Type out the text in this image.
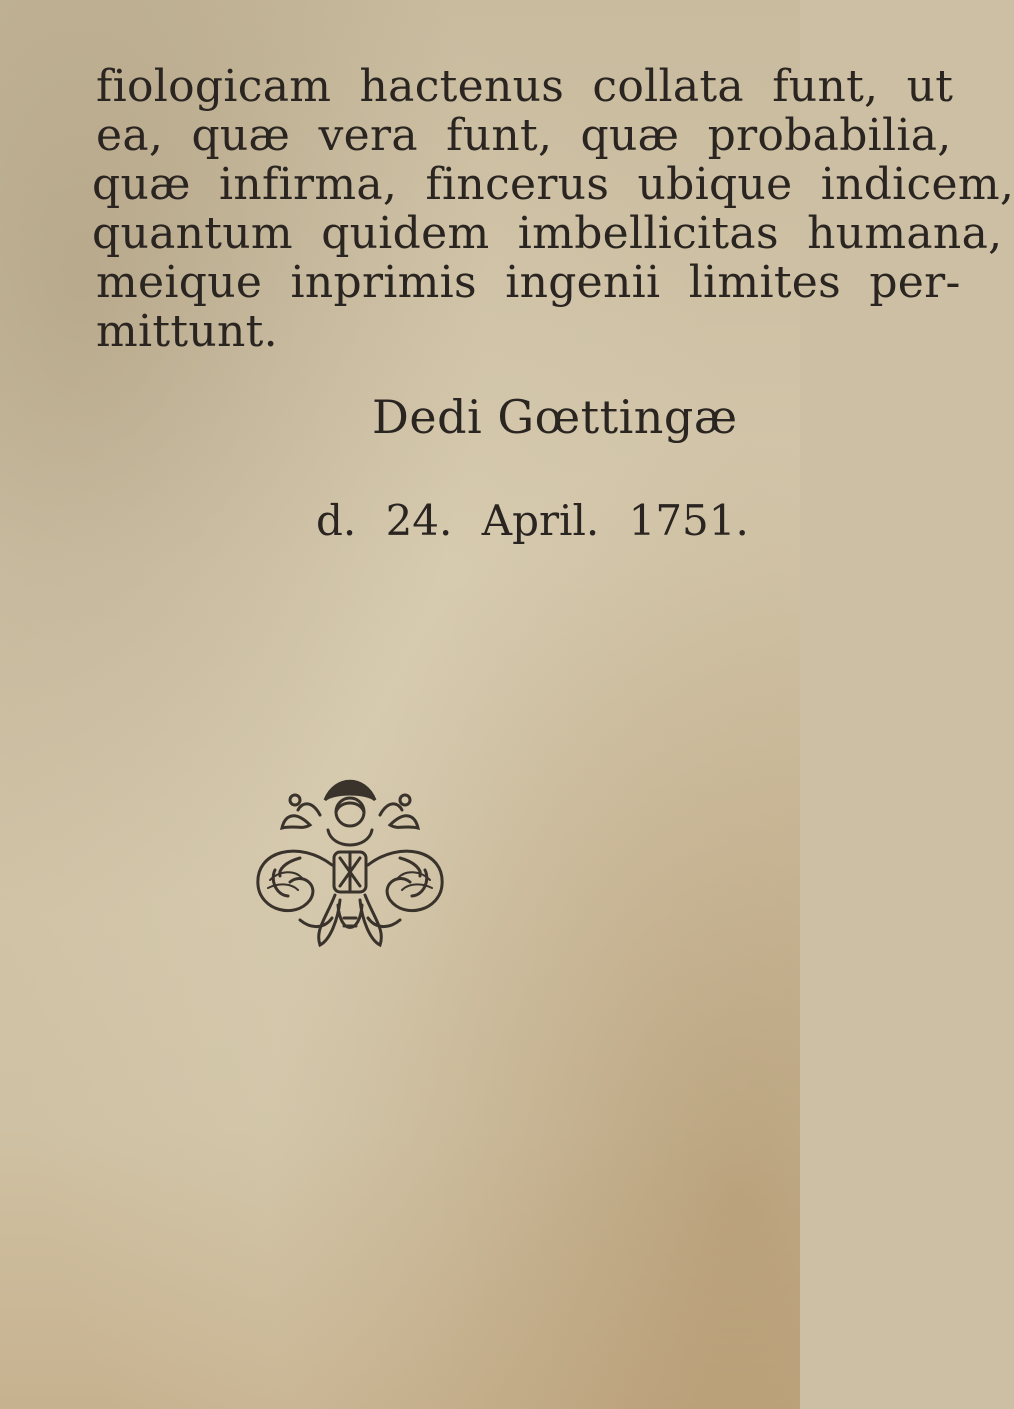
fiologicam hactenus collata funt, ut
ea, quæ vera funt, quæ probabilia,
quæ infirma, fincerus ubique indicem,
quantum quidem imbellicitas humana,
meique inprimis ingenii limites per-
mittunt.
Dedi Gœttingæ
d. 24. April. 1751.
